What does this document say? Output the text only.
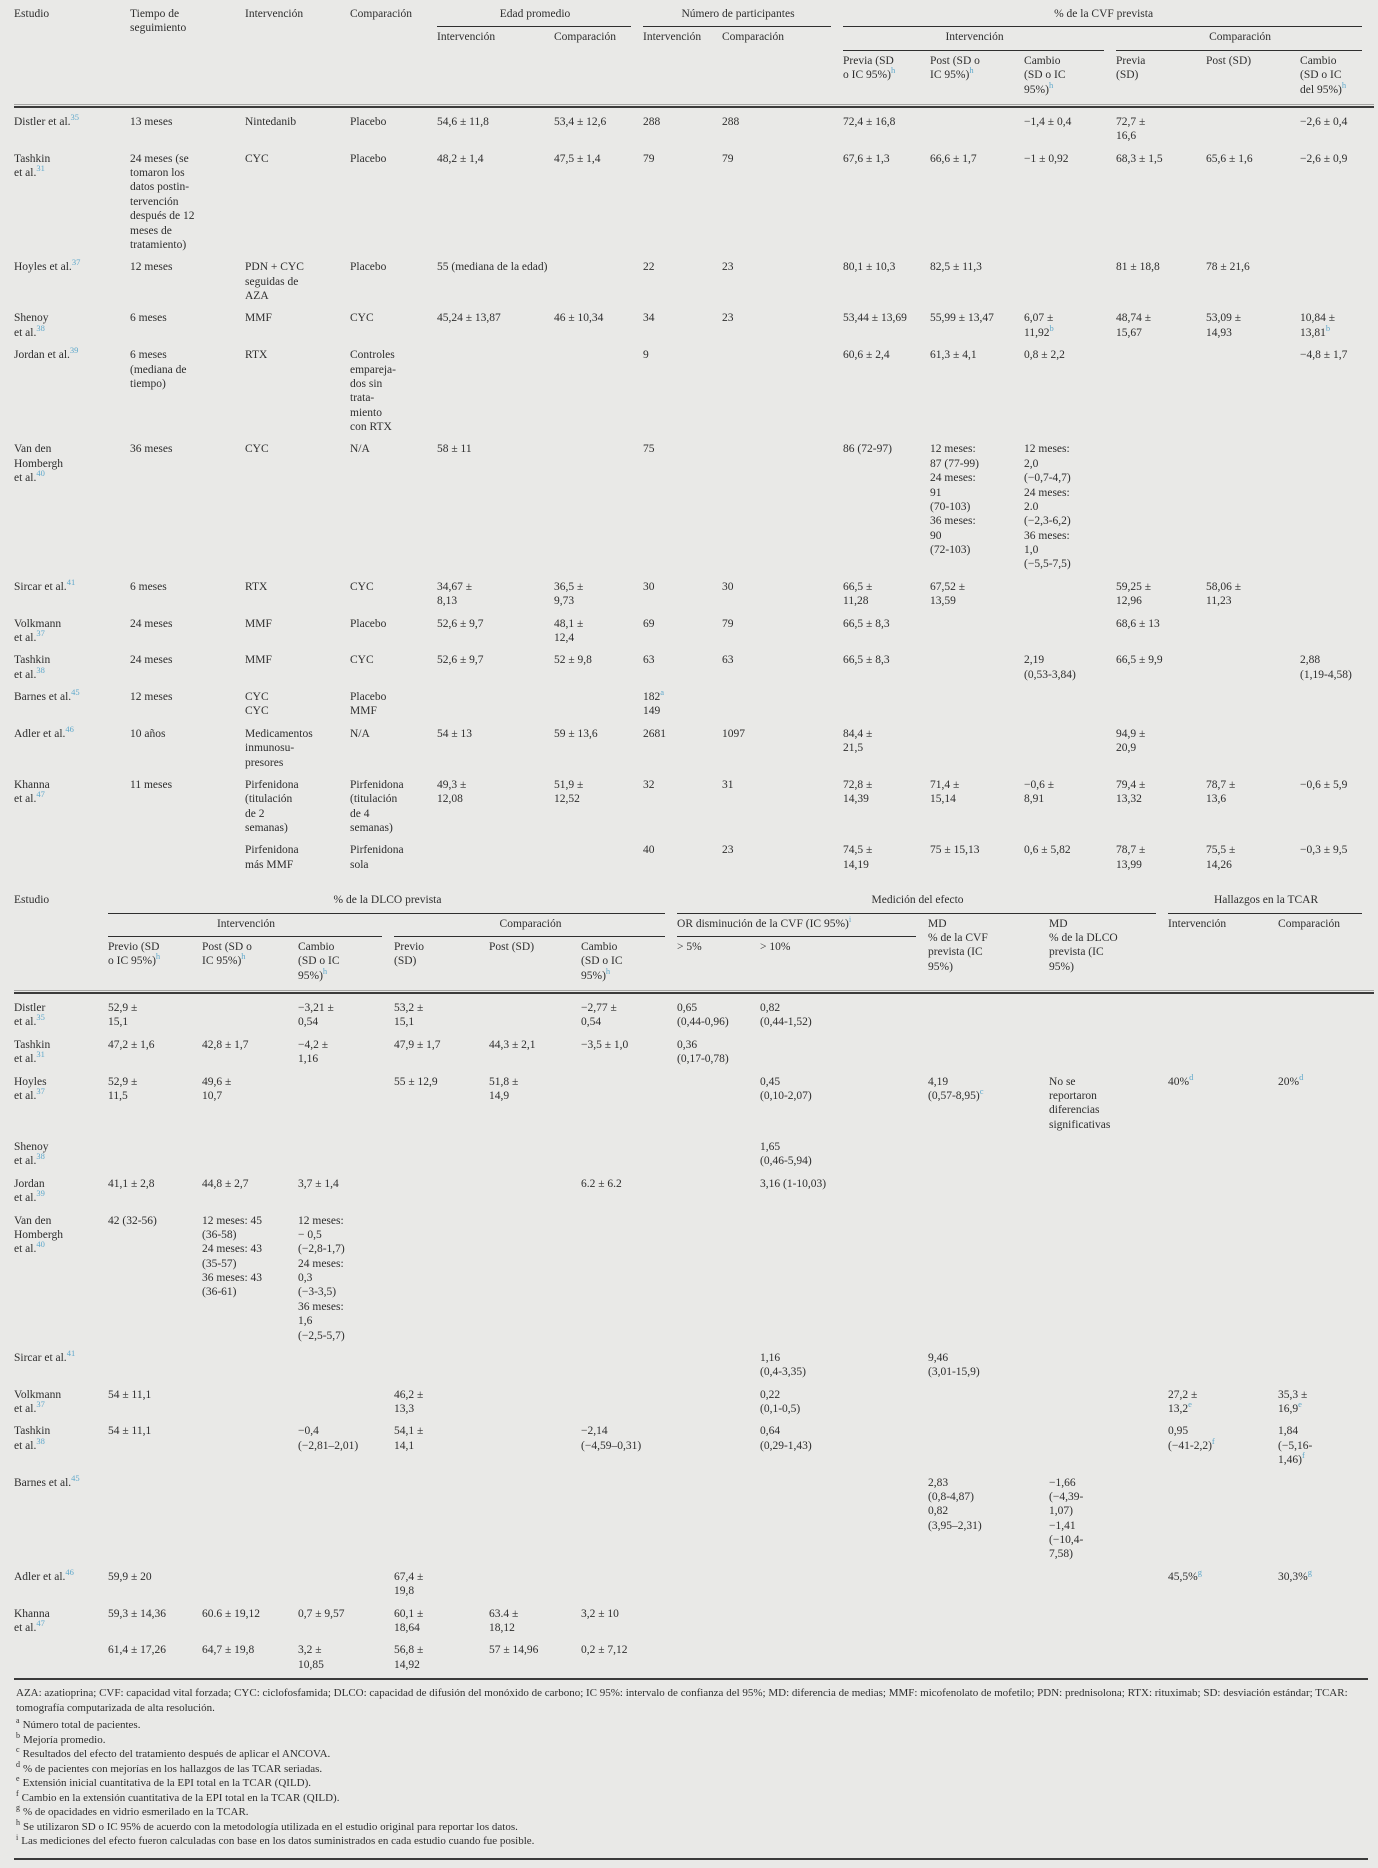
Estudio	Tiempo de
seguimiento	Intervención	Comparación	Edad promedio		Número de participantes		% de la CVF prevista					
				Intervención	Comparación	Intervención	Comparación	Intervención			Comparación		
								Previa (SD
o IC 95%)$^h$	Post (SD o
IC 95%)$^h$	Cambio
(SD o IC
95%)$^h$	Previa
(SD)	Post (SD)	Cambio
(SD o IC
del 95%)$^h$

Distler et al.$^{35}$	13 meses	Nintedanib	Placebo	54,6 ± 11,8	53,4 ± 12,6	288	288	72,4 ± 16,8		−1,4 ± 0,4	72,7 ±
16,6		−2,6 ± 0,4
Tashkin
et al.$^{31}$	24 meses (se
tomaron los
datos postin-
tervención
después de 12
meses de
tratamiento)	CYC	Placebo	48,2 ± 1,4	47,5 ± 1,4	79	79	67,6 ± 1,3	66,6 ± 1,7	−1 ± 0,92	68,3 ± 1,5	65,6 ± 1,6	−2,6 ± 0,9
Hoyles et al.$^{37}$	12 meses	PDN + CYC
seguidas de
AZA	Placebo	55 (mediana de la edad)		22	23	80,1 ± 10,3	82,5 ± 11,3		81 ± 18,8	78 ± 21,6	
Shenoy
et al.$^{38}$	6 meses	MMF	CYC	45,24 ± 13,87	46 ± 10,34	34	23	53,44 ± 13,69	55,99 ± 13,47	6,07 ±
11,92$^b$	48,74 ±
15,67	53,09 ±
14,93	10,84 ±
13,81$^b$
Jordan et al.$^{39}$	6 meses
(mediana de
tiempo)	RTX	Controles
empareja-
dos sin
trata-
miento
con RTX			9		60,6 ± 2,4	61,3 ± 4,1	0,8 ± 2,2			−4,8 ± 1,7
Van den
Hombergh
et al.$^{40}$	36 meses	CYC	N/A	58 ± 11		75		86 (72-97)	12 meses:
87 (77-99)
24 meses:
91
(70-103)
36 meses:
90
(72-103)	12 meses:
2,0
(−0,7-4,7)
24 meses:
2.0
(−2,3-6,2)
36 meses:
1,0
(−5,5-7,5)			
Sircar et al.$^{41}$	6 meses	RTX	CYC	34,67 ±
8,13	36,5 ±
9,73	30	30	66,5 ±
11,28	67,52 ±
13,59		59,25 ±
12,96	58,06 ±
11,23	
Volkmann
et al.$^{37}$	24 meses	MMF	Placebo	52,6 ± 9,7	48,1 ±
12,4	69	79	66,5 ± 8,3			68,6 ± 13		
Tashkin
et al.$^{38}$	24 meses	MMF	CYC	52,6 ± 9,7	52 ± 9,8	63	63	66,5 ± 8,3		2,19
(0,53-3,84)	66,5 ± 9,9		2,88
(1,19-4,58)
Barnes et al.$^{45}$	12 meses	CYC
CYC	Placebo
MMF			182$^a$
149							
Adler et al.$^{46}$	10 años	Medicamentos
inmunosu-
presores	N/A	54 ± 13	59 ± 13,6	2681	1097	84,4 ±
21,5			94,9 ±
20,9		
Khanna
et al.$^{47}$	11 meses	Pirfenidona
(titulación
de 2
semanas)	Pirfenidona
(titulación
de 4
semanas)	49,3 ±
12,08	51,9 ±
12,52	32	31	72,8 ±
14,39	71,4 ±
15,14	−0,6 ±
8,91	79,4 ±
13,32	78,7 ±
13,6	−0,6 ± 5,9
		Pirfenidona
más MMF	Pirfenidona
sola			40	23	74,5 ±
14,19	75 ± 15,13	0,6 ± 5,82	78,7 ±
13,99	75,5 ±
14,26	−0,3 ± 9,5
Estudio	% de la DLCO prevista						Medición del efecto				Hallazgos en la TCAR	
	Intervención			Comparación			OR disminución de la CVF (IC 95%)$^i$		MD
% de la CVF
prevista (IC
95%)	MD
% de la DLCO
prevista (IC
95%)	Intervención	Comparación
	Previo (SD
o IC 95%)$^h$	Post (SD o
IC 95%)$^h$	Cambio
(SD o IC
95%)$^h$	Previo
(SD)	Post (SD)	Cambio
(SD o IC
95%)$^h$	> 5%	> 10%				

Distler
et al.$^{35}$	52,9 ±
15,1		−3,21 ±
0,54	53,2 ±
15,1		−2,77 ±
0,54	0,65
(0,44-0,96)	0,82
(0,44-1,52)				
Tashkin
et al.$^{31}$	47,2 ± 1,6	42,8 ± 1,7	−4,2 ±
1,16	47,9 ± 1,7	44,3 ± 2,1	−3,5 ± 1,0	0,36
(0,17-0,78)					
Hoyles
et al.$^{37}$	52,9 ±
11,5	49,6 ±
10,7		55 ± 12,9	51,8 ±
14,9			0,45
(0,10-2,07)	4,19
$(0,57-8,95)^c$	No se
reportaron
diferencias
significativas	40%$^d$	20%$^d$
Shenoy
et al.$^{38}$								1,65
(0,46-5,94)				
Jordan
et al.$^{39}$	41,1 ± 2,8	44,8 ± 2,7	3,7 ± 1,4			6.2 ± 6.2		3,16 (1-10,03)				
Van den
Hombergh
et al.$^{40}$	42 (32-56)	12 meses: 45
(36-58)
24 meses: 43
(35-57)
36 meses: 43
(36-61)	12 meses:
− 0,5
(−2,8-1,7)
24 meses:
0,3
(−3-3,5)
36 meses:
1,6
(−2,5-5,7)									
Sircar et al.$^{41}$								1,16
(0,4-3,35)	9,46
(3,01-15,9)			
Volkmann
et al.$^{37}$	54 ± 11,1			46,2 ±
13,3				0,22
(0,1-0,5)			27,2 ±
13,2$^e$	35,3 ±
16,9$^e$
Tashkin
et al.$^{38}$	54 ± 11,1		−0,4
(−2,81–2,01)	54,1 ±
14,1		−2,14
(−4,59–0,31)		0,64
(0,29-1,43)			0,95
$(-41-2,2)^f$	1,84
(−5,16-
1,46)$^f$
Barnes et al.$^{45}$									2,83
(0,8-4,87)
0,82
(3,95–2,31)	−1,66
(−4,39-
1,07)
−1,41
(−10,4-
7,58)		
Adler et al.$^{46}$	59,9 ± 20			67,4 ±
19,8							45,5%$^g$	30,3%$^g$
Khanna
et al.$^{47}$	59,3 ± 14,36	60.6 ± 19,12	0,7 ± 9,57	60,1 ±
18,64	63.4 ±
18,12	3,2 ± 10						
	61,4 ± 17,26	64,7 ± 19,8	3,2 ±
10,85	56,8 ±
14,92	57 ± 14,96	0,2 ± 7,12						

AZA: azatioprina; CVF: capacidad vital forzada; CYC: ciclofosfamida; DLCO: capacidad de difusión del monóxido de carbono; IC 95%: intervalo de confianza del 95%; MD: diferencia de medias; MMF: micofenolato de mofetilo; PDN: prednisolona; RTX: rituximab; SD: desviación estándar; TCAR: tomografía computarizada de alta resolución.

$^a$ Número total de pacientes.
$^b$ Mejoría promedio.
$^c$ Resultados del efecto del tratamiento después de aplicar el ANCOVA.
$^d$ % de pacientes con mejorías en los hallazgos de las TCAR seriadas.
$^e$ Extensión inicial cuantitativa de la EPI total en la TCAR (QILD).
$^f$ Cambio en la extensión cuantitativa de la EPI total en la TCAR (QILD).
$^g$ % de opacidades en vidrio esmerilado en la TCAR.
$^h$ Se utilizaron SD o IC 95% de acuerdo con la metodología utilizada en el estudio original para reportar los datos.
$^i$ Las mediciones del efecto fueron calculadas con base en los datos suministrados en cada estudio cuando fue posible.
